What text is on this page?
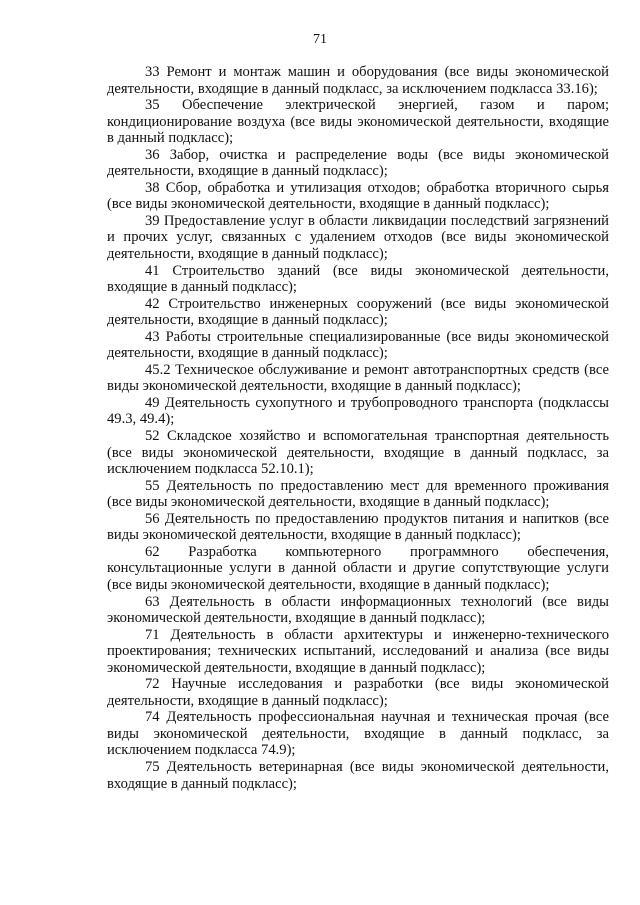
71

33 Ремонт и монтаж машин и оборудования (все виды экономической деятельности, входящие в данный подкласс, за исключением подкласса 33.16);

35 Обеспечение электрической энергией, газом и паром; кондиционирование воздуха (все виды экономической деятельности, входящие в данный подкласс);

36 Забор, очистка и распределение воды (все виды экономической деятельности, входящие в данный подкласс);

38 Сбор, обработка и утилизация отходов; обработка вторичного сырья (все виды экономической деятельности, входящие в данный подкласс);

39 Предоставление услуг в области ликвидации последствий загрязнений и прочих услуг, связанных с удалением отходов (все виды экономической деятельности, входящие в данный подкласс);

41 Строительство зданий (все виды экономической деятельности, входящие в данный подкласс);

42 Строительство инженерных сооружений (все виды экономической деятельности, входящие в данный подкласс);

43 Работы строительные специализированные (все виды экономической деятельности, входящие в данный подкласс);

45.2 Техническое обслуживание и ремонт автотранспортных средств (все виды экономической деятельности, входящие в данный подкласс);

49 Деятельность сухопутного и трубопроводного транспорта (подклассы 49.3, 49.4);

52 Складское хозяйство и вспомогательная транспортная деятельность (все виды экономической деятельности, входящие в данный подкласс, за исключением подкласса 52.10.1);

55 Деятельность по предоставлению мест для временного проживания (все виды экономической деятельности, входящие в данный подкласс);

56 Деятельность по предоставлению продуктов питания и напитков (все виды экономической деятельности, входящие в данный подкласс);

62 Разработка компьютерного программного обеспечения, консультационные услуги в данной области и другие сопутствующие услуги (все виды экономической деятельности, входящие в данный подкласс);

63 Деятельность в области информационных технологий (все виды экономической деятельности, входящие в данный подкласс);

71 Деятельность в области архитектуры и инженерно-технического проектирования; технических испытаний, исследований и анализа (все виды экономической деятельности, входящие в данный подкласс);

72 Научные исследования и разработки (все виды экономической деятельности, входящие в данный подкласс);

74 Деятельность профессиональная научная и техническая прочая (все виды экономической деятельности, входящие в данный подкласс, за исключением подкласса 74.9);

75 Деятельность ветеринарная (все виды экономической деятельности, входящие в данный подкласс);
